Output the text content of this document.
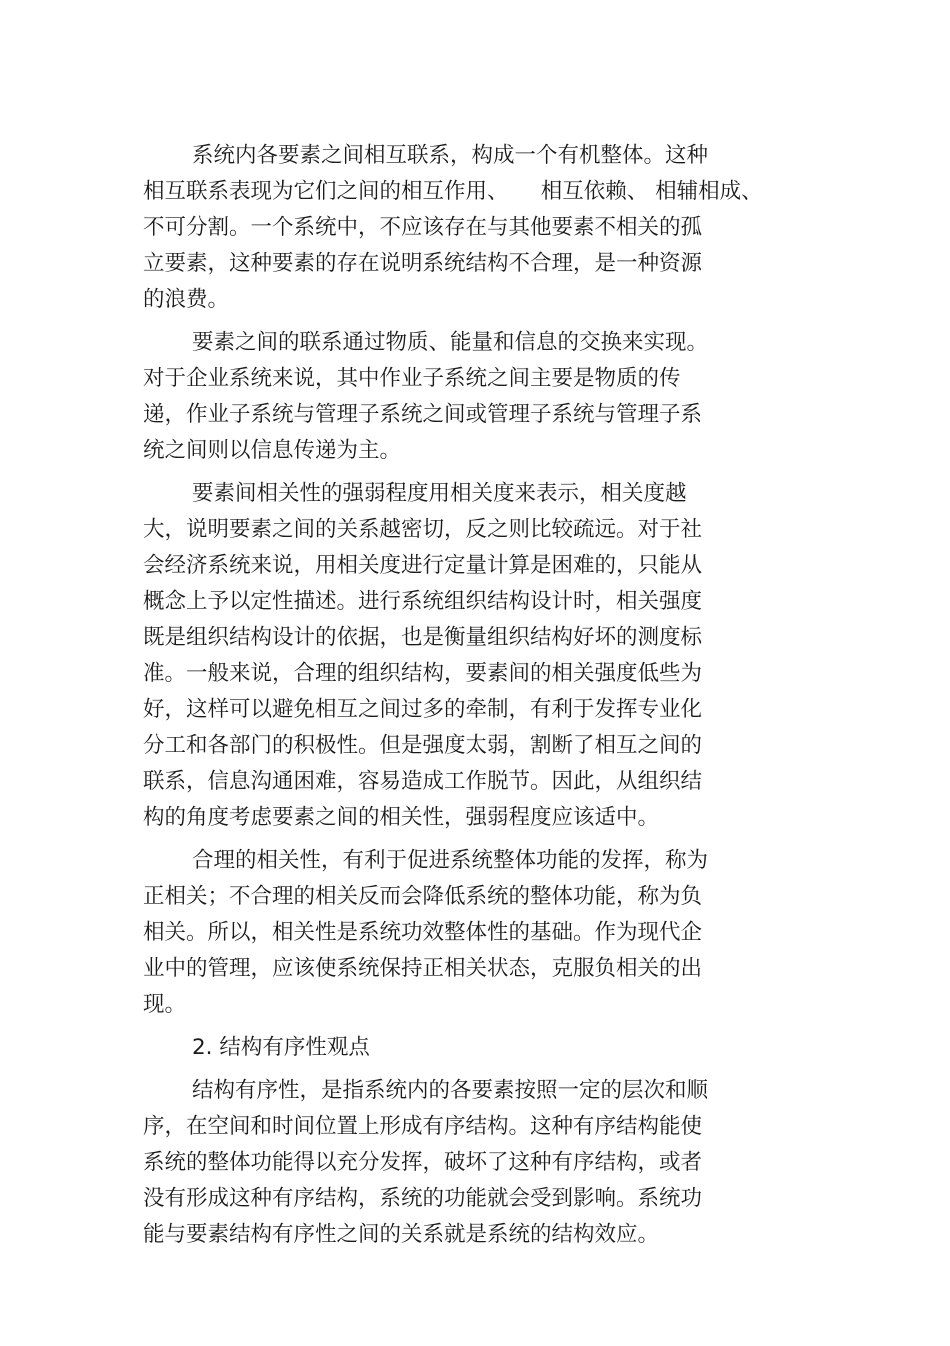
系统内各要素之间相互联系，构成一个有机整体。这种
相互联系表现为它们之间的相互作用、　　相互依赖、 相辅相成、
不可分割。一个系统中，不应该存在与其他要素不相关的孤
立要素，这种要素的存在说明系统结构不合理，是一种资源
的浪费。
要素之间的联系通过物质、能量和信息的交换来实现。
对于企业系统来说，其中作业子系统之间主要是物质的传
递，作业子系统与管理子系统之间或管理子系统与管理子系
统之间则以信息传递为主。
要素间相关性的强弱程度用相关度来表示，相关度越
大，说明要素之间的关系越密切，反之则比较疏远。对于社
会经济系统来说，用相关度进行定量计算是困难的，只能从
概念上予以定性描述。进行系统组织结构设计时，相关强度
既是组织结构设计的依据，也是衡量组织结构好坏的测度标
准。一般来说，合理的组织结构，要素间的相关强度低些为
好，这样可以避免相互之间过多的牵制，有利于发挥专业化
分工和各部门的积极性。但是强度太弱，割断了相互之间的
联系，信息沟通困难，容易造成工作脱节。因此，从组织结
构的角度考虑要素之间的相关性，强弱程度应该适中。
合理的相关性，有利于促进系统整体功能的发挥，称为
正相关；不合理的相关反而会降低系统的整体功能，称为负
相关。所以，相关性是系统功效整体性的基础。作为现代企
业中的管理，应该使系统保持正相关状态，克服负相关的出
现。
2. 结构有序性观点
结构有序性，是指系统内的各要素按照一定的层次和顺
序，在空间和时间位置上形成有序结构。这种有序结构能使
系统的整体功能得以充分发挥，破坏了这种有序结构，或者
没有形成这种有序结构，系统的功能就会受到影响。系统功
能与要素结构有序性之间的关系就是系统的结构效应。
